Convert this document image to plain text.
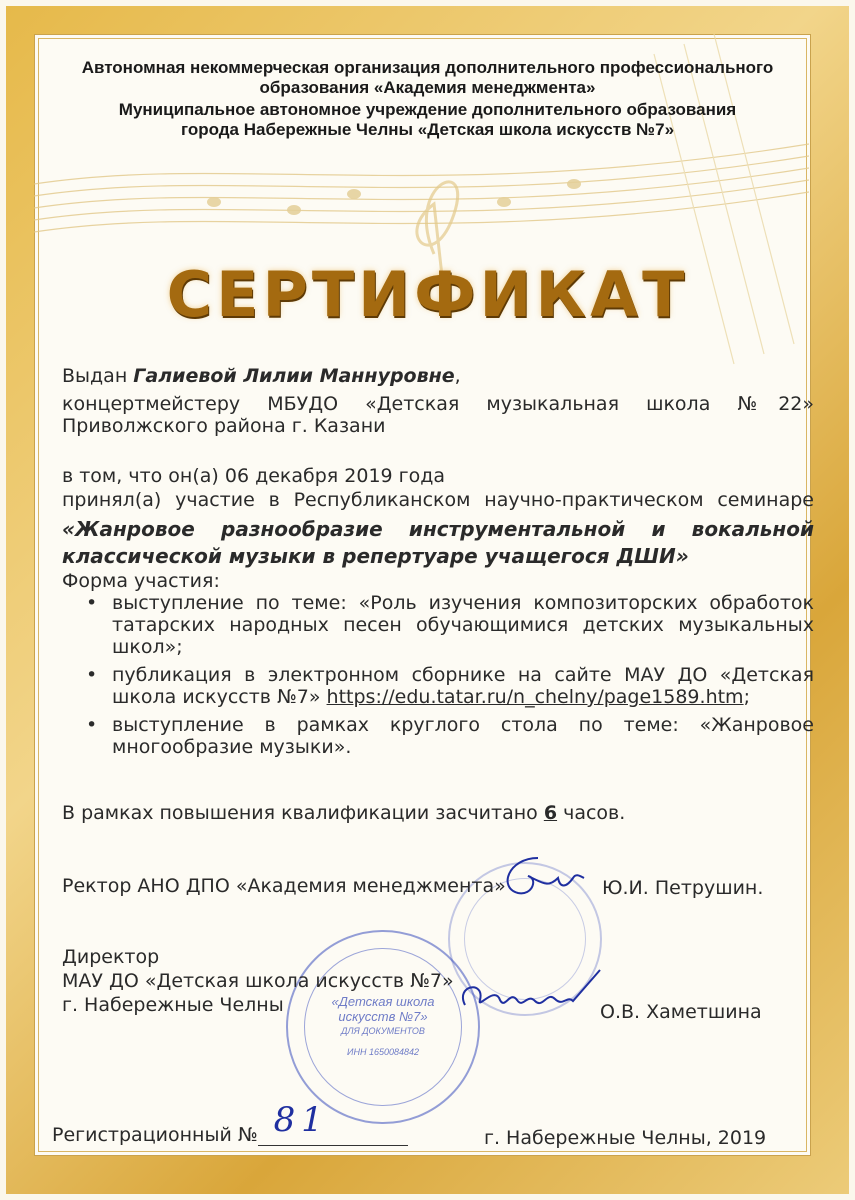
Автономная некоммерческая организация дополнительного профессионального
образования «Академия менеджмента»
Муниципальное автономное учреждение дополнительного образования
города Набережные Челны «Детская школа искусств №7»
СЕРТИФИКАТ
Выдан Галиевой Лилии Маннуровне,
концертмейстеру МБУДО «Детская музыкальная школа №22»
Приволжского района г. Казани
в том, что он(а) 06 декабря 2019 года
принял(а) участие в Республиканском научно-практическом семинаре
«Жанровое разнообразие инструментальной и вокальной
классической музыки в репертуаре учащегося ДШИ»
Форма участия:
• выступление по теме: «Роль изучения композиторских обработок татарских народных песен обучающимися детских музыкальных школ»;
• публикация в электронном сборнике на сайте МАУ ДО «Детская школа искусств №7» https://edu.tatar.ru/n_chelny/page1589.htm;
• выступление в рамках круглого стола по теме: «Жанровое многообразие музыки».
В рамках повышения квалификации засчитано 6 часов.
«Детская школа
искусств №7»
ДЛЯ ДОКУМЕНТОВ
ИНН 1650084842
Ректор АНО ДПО «Академия менеджмента»	Ю.И. Петрушин.
Директор
МАУ ДО «Детская школа искусств №7»
г. Набережные Челны	О.В. Хаметшина
Регистрационный № 81	г. Набережные Челны, 2019
